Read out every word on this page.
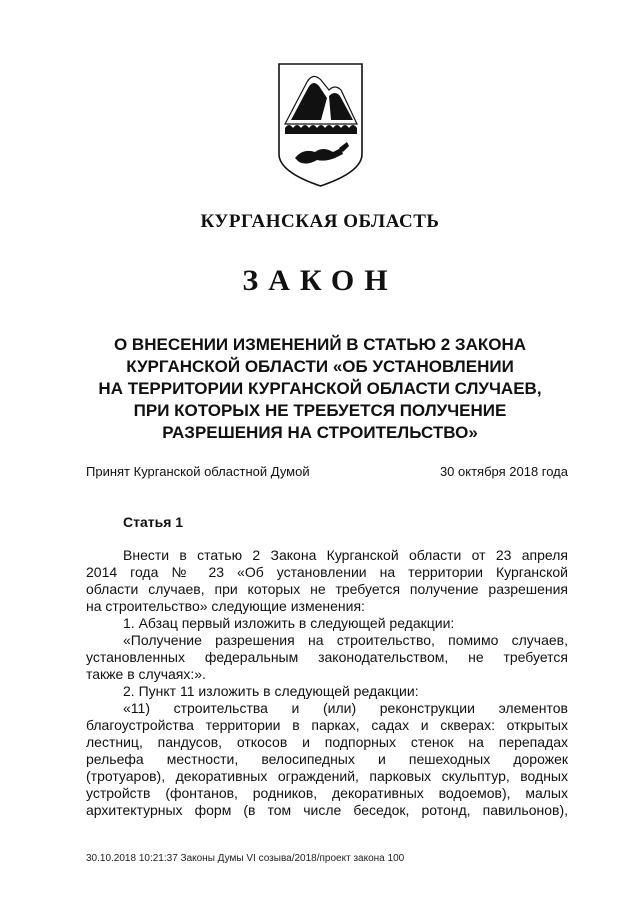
КУРГАНСКАЯ ОБЛАСТЬ
ЗАКОН
О ВНЕСЕНИИ ИЗМЕНЕНИЙ В СТАТЬЮ 2 ЗАКОНА
КУРГАНСКОЙ ОБЛАСТИ «ОБ УСТАНОВЛЕНИИ
НА ТЕРРИТОРИИ КУРГАНСКОЙ ОБЛАСТИ СЛУЧАЕВ,
ПРИ КОТОРЫХ НЕ ТРЕБУЕТСЯ ПОЛУЧЕНИЕ
РАЗРЕШЕНИЯ НА СТРОИТЕЛЬСТВО»
Принят Курганской областной Думой	30 октября 2018 года
Статья 1
Внести в статью 2 Закона Курганской области от 23 апреля
2014 года № 23 «Об установлении на территории Курганской
области случаев, при которых не требуется получение разрешения
на строительство» следующие изменения:
1. Абзац первый изложить в следующей редакции:
«Получение разрешения на строительство, помимо случаев,
установленных федеральным законодательством, не требуется
также в случаях:».
2. Пункт 11 изложить в следующей редакции:
«11) строительства и (или) реконструкции элементов
благоустройства территории в парках, садах и скверах: открытых
лестниц, пандусов, откосов и подпорных стенок на перепадах
рельефа местности, велосипедных и пешеходных дорожек
(тротуаров), декоративных ограждений, парковых скульптур, водных
устройств (фонтанов, родников, декоративных водоемов), малых
архитектурных форм (в том числе беседок, ротонд, павильонов),
30.10.2018 10:21:37 Законы Думы VI созыва/2018/проект закона 100
